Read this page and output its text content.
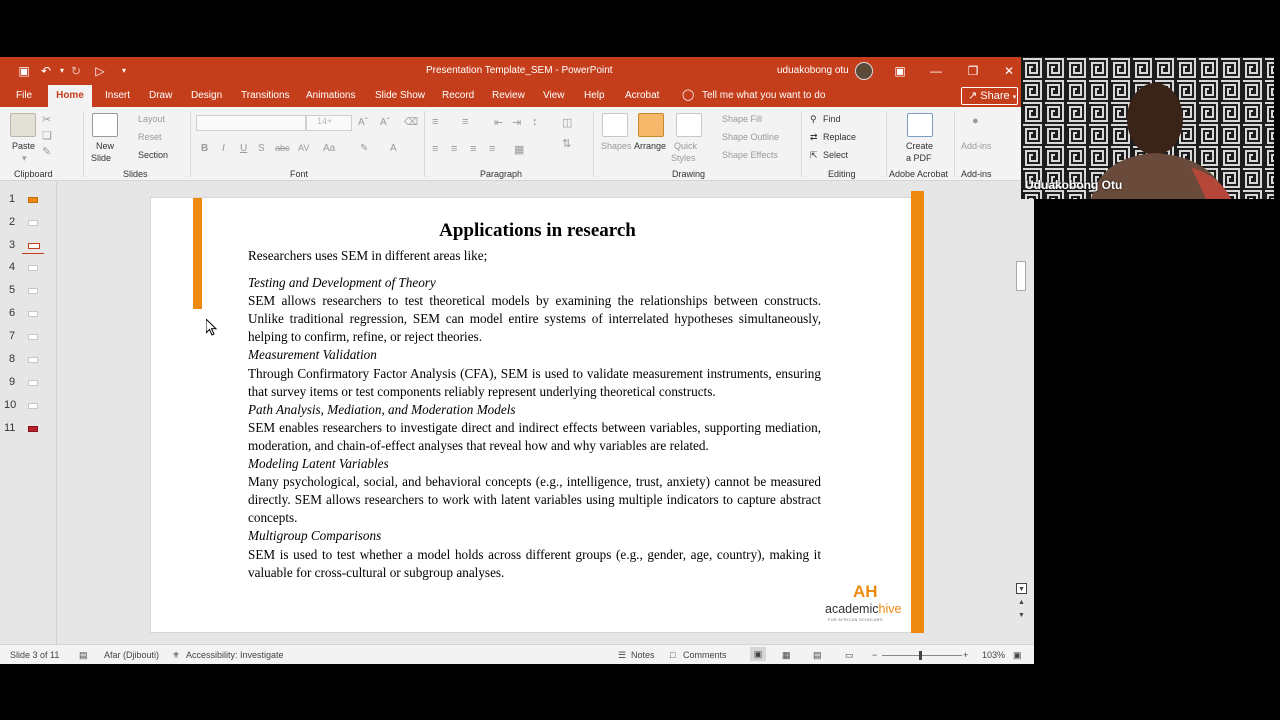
▣ ↶	▾ ↻ ▷	▾	Presentation Template_SEM - PowerPoint	uduakobong otu	▣	—	❐	✕
File	Home	Insert Draw Design Transitions Animations Slide Show Record Review View Help Acrobat ◯ Tell me what you want to do	↗ Share ▾
Paste
▾
✂
❏
✎
Clipboard
New
Slide
Layout
Reset
Section
Slides
14+	Aˆ Aˇ ⌫
B I U S abc AV Aa ✎ A
Font
≡ ≡ ⇤ ⇥ ↕ ◫
≡ ≡ ≡ ≡ ▦	⇅
Paragraph
Shapes Arrange Quick
Styles
Shape Fill
Shape Outline
Shape Effects
Drawing
⚲ Find
⇄ Replace
⇱ Select
Editing
Create
a PDF
Adobe Acrobat
●
Add-ins
Add-ins
1
2
3
4
5
6
7
8
9
10
11
Applications in research
Researchers uses SEM in different areas like;
Testing and Development of Theory
SEM allows researchers to test theoretical models by examining the relationships between constructs. Unlike traditional regression, SEM can model entire systems of interrelated hypotheses simultaneously, helping to confirm, refine, or reject theories.
Measurement Validation
Through Confirmatory Factor Analysis (CFA), SEM is used to validate measurement instruments, ensuring that survey items or test components reliably represent underlying theoretical constructs.
Path Analysis, Mediation, and Moderation Models
SEM enables researchers to investigate direct and indirect effects between variables, supporting mediation, moderation, and chain-of-effect analyses that reveal how and why variables are related.
Modeling Latent Variables
Many psychological, social, and behavioral concepts (e.g., intelligence, trust, anxiety) cannot be measured directly. SEM allows researchers to work with latent variables using multiple indicators to capture abstract concepts.
Multigroup Comparisons
SEM is used to test whether a model holds across different groups (e.g., gender, age, country), making it valuable for cross-cultural or subgroup analyses.
AH
academichive
FOR AFRICAN SCHOLARS
▼
▲
▼
Slide 3 of 11 ▤ Afar (Djibouti) ⚜ Accessibility: Investigate	☰ Notes □ Comments	▣	▦ ▤	▭ −	+ 103% ▣
Uduakobong Otu
